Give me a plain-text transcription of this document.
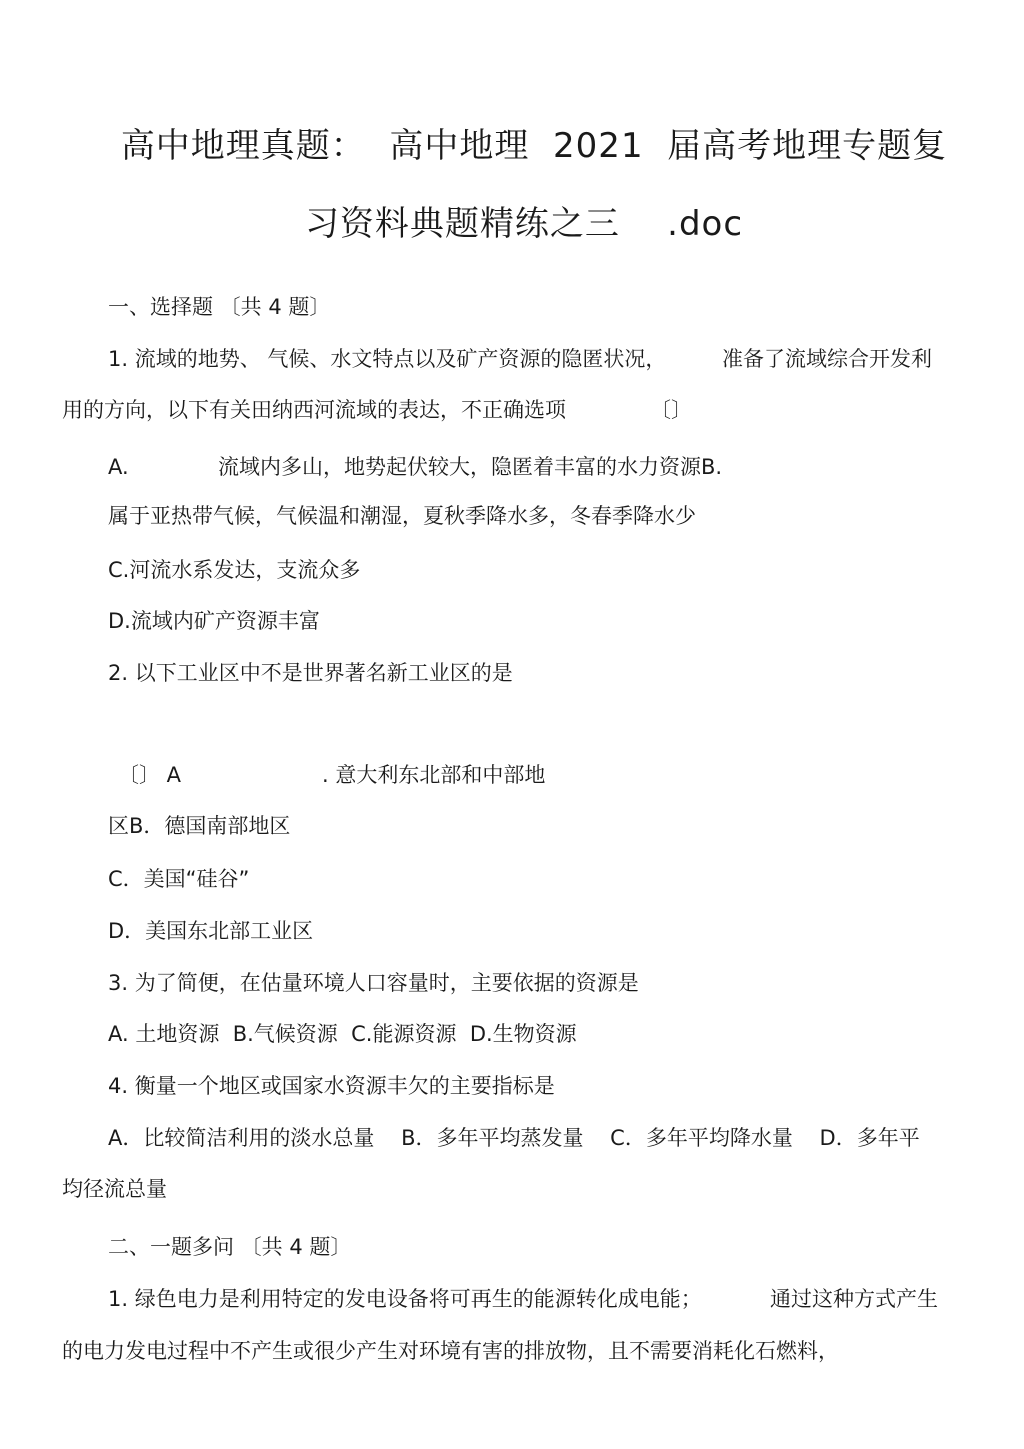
高中地理真题：  高中地理  2021  届高考地理专题复
习资料典题精练之三    .doc

一、选择题 〔共 4 题〕

1. 流域的地势、 气候、水文特点以及矿产资源的隐匿状况，	准备了流域综合开发利

用的方向，以下有关田纳西河流域的表达，不正确选项	〔〕

A.	流域内多山，地势起伏较大，隐匿着丰富的水力资源B.

属于亚热带气候，气候温和潮湿，夏秋季降水多，冬春季降水少

C.河流水系发达，支流众多

D.流域内矿产资源丰富

2. 以下工业区中不是世界著名新工业区的是

〔〕 A	. 意大利东北部和中部地

区B．德国南部地区

C．美国“硅谷”

D．美国东北部工业区

3. 为了简便，在估量环境人口容量时，主要依据的资源是

A. 土地资源  B.气候资源  C.能源资源  D.生物资源

4. 衡量一个地区或国家水资源丰欠的主要指标是

A．比较简洁利用的淡水总量    B．多年平均蒸发量    C．多年平均降水量    D．多年平

均径流总量

二、一题多问 〔共 4 题〕

1. 绿色电力是利用特定的发电设备将可再生的能源转化成电能；	通过这种方式产生

的电力发电过程中不产生或很少产生对环境有害的排放物，且不需要消耗化石燃料，
